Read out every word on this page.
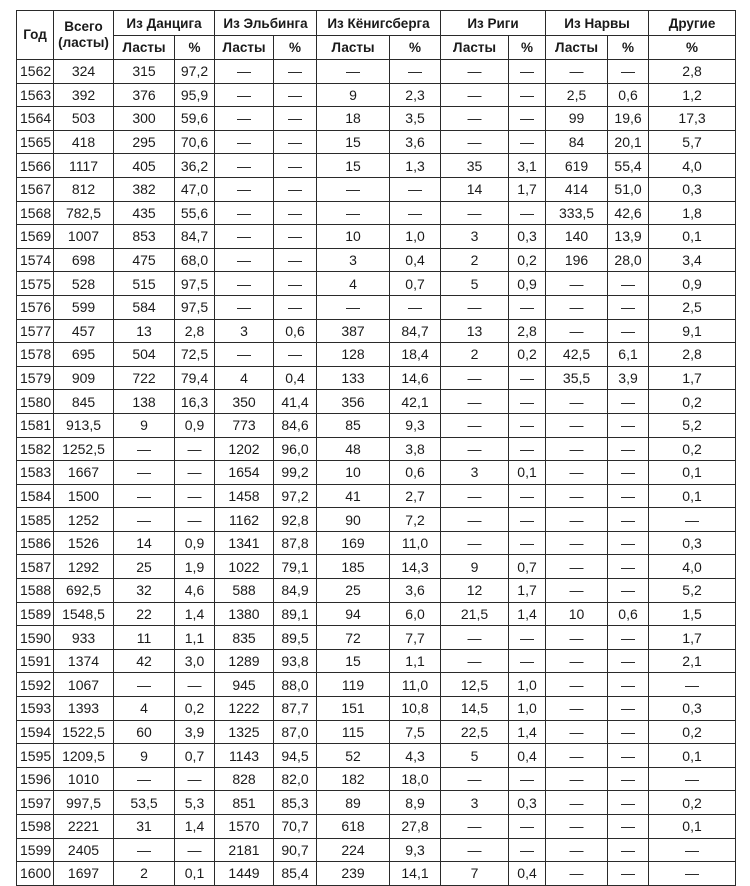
Год	Всего (ласты)	Из Данцига		Из Эльбинга		Из Кёнигсберга		Из Риги		Из Нарвы		Другие
		Ласты	%	Ласты	%	Ласты	%	Ласты	%	Ласты	%	%
1562	324	315	97,2	—	—	—	—	—	—	—	—	2,8
1563	392	376	95,9	—	—	9	2,3	—	—	2,5	0,6	1,2
1564	503	300	59,6	—	—	18	3,5	—	—	99	19,6	17,3
1565	418	295	70,6	—	—	15	3,6	—	—	84	20,1	5,7
1566	1117	405	36,2	—	—	15	1,3	35	3,1	619	55,4	4,0
1567	812	382	47,0	—	—	—	—	14	1,7	414	51,0	0,3
1568	782,5	435	55,6	—	—	—	—	—	—	333,5	42,6	1,8
1569	1007	853	84,7	—	—	10	1,0	3	0,3	140	13,9	0,1
1574	698	475	68,0	—	—	3	0,4	2	0,2	196	28,0	3,4
1575	528	515	97,5	—	—	4	0,7	5	0,9	—	—	0,9
1576	599	584	97,5	—	—	—	—	—	—	—	—	2,5
1577	457	13	2,8	3	0,6	387	84,7	13	2,8	—	—	9,1
1578	695	504	72,5	—	—	128	18,4	2	0,2	42,5	6,1	2,8
1579	909	722	79,4	4	0,4	133	14,6	—	—	35,5	3,9	1,7
1580	845	138	16,3	350	41,4	356	42,1	—	—	—	—	0,2
1581	913,5	9	0,9	773	84,6	85	9,3	—	—	—	—	5,2
1582	1252,5	—	—	1202	96,0	48	3,8	—	—	—	—	0,2
1583	1667	—	—	1654	99,2	10	0,6	3	0,1	—	—	0,1
1584	1500	—	—	1458	97,2	41	2,7	—	—	—	—	0,1
1585	1252	—	—	1162	92,8	90	7,2	—	—	—	—	—
1586	1526	14	0,9	1341	87,8	169	11,0	—	—	—	—	0,3
1587	1292	25	1,9	1022	79,1	185	14,3	9	0,7	—	—	4,0
1588	692,5	32	4,6	588	84,9	25	3,6	12	1,7	—	—	5,2
1589	1548,5	22	1,4	1380	89,1	94	6,0	21,5	1,4	10	0,6	1,5
1590	933	11	1,1	835	89,5	72	7,7	—	—	—	—	1,7
1591	1374	42	3,0	1289	93,8	15	1,1	—	—	—	—	2,1
1592	1067	—	—	945	88,0	119	11,0	12,5	1,0	—	—	—
1593	1393	4	0,2	1222	87,7	151	10,8	14,5	1,0	—	—	0,3
1594	1522,5	60	3,9	1325	87,0	115	7,5	22,5	1,4	—	—	0,2
1595	1209,5	9	0,7	1143	94,5	52	4,3	5	0,4	—	—	0,1
1596	1010	—	—	828	82,0	182	18,0	—	—	—	—	—
1597	997,5	53,5	5,3	851	85,3	89	8,9	3	0,3	—	—	0,2
1598	2221	31	1,4	1570	70,7	618	27,8	—	—	—	—	0,1
1599	2405	—	—	2181	90,7	224	9,3	—	—	—	—	—
1600	1697	2	0,1	1449	85,4	239	14,1	7	0,4	—	—	—
